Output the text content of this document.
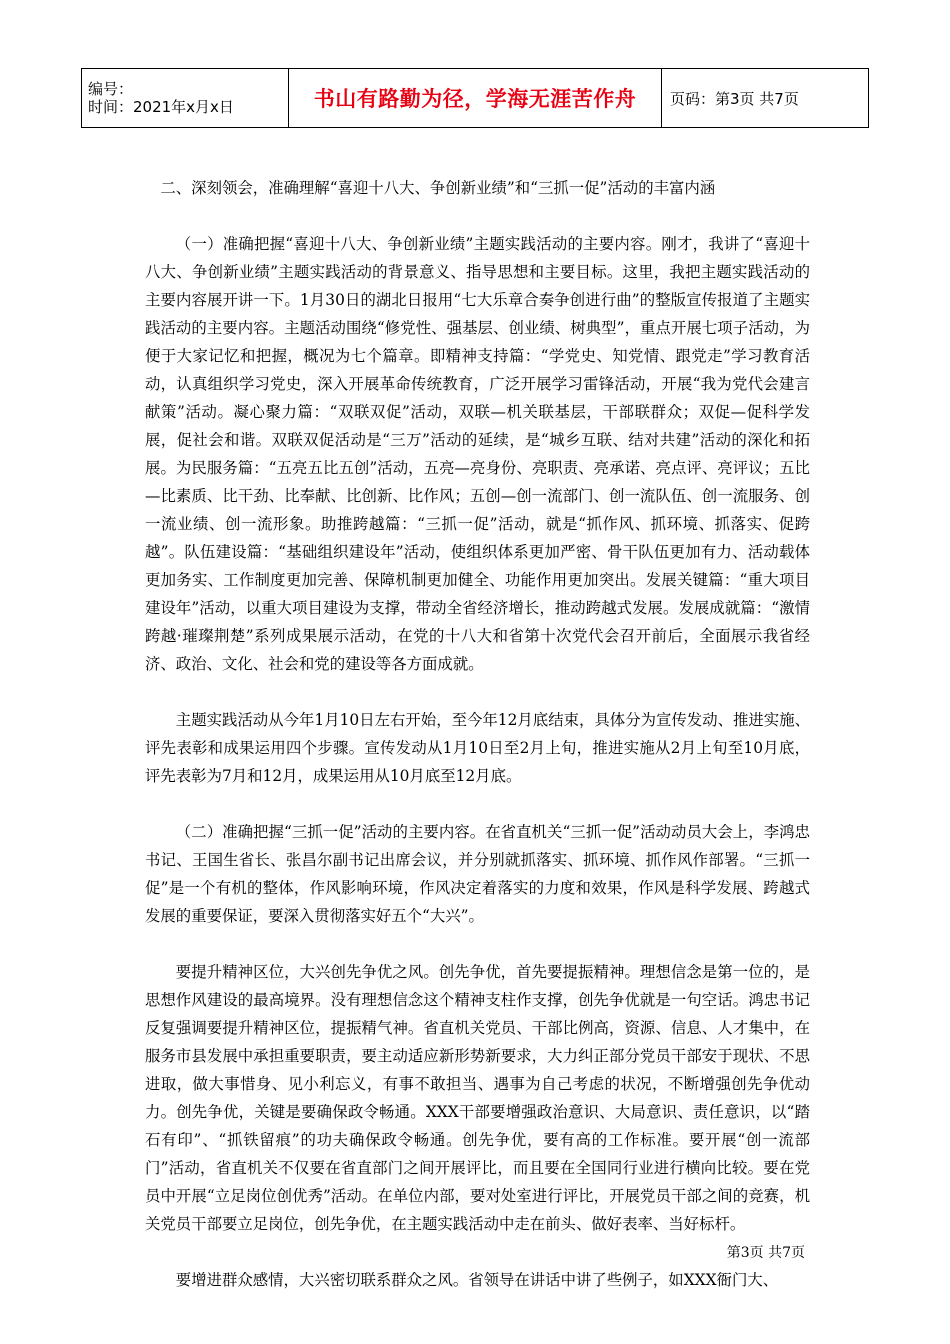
编号：
时间：2021年x月x日	书山有路勤为径，学海无涯苦作舟	页码：第3页 共7页

二、深刻领会，准确理解“喜迎十八大、争创新业绩”和“三抓一促”活动的丰富内涵

（一）准确把握“喜迎十八大、争创新业绩”主题实践活动的主要内容。刚才，我讲了“喜迎十八大、争创新业绩”主题实践活动的背景意义、指导思想和主要目标。这里，我把主题实践活动的主要内容展开讲一下。1月30日的湖北日报用“七大乐章合奏争创进行曲”的整版宣传报道了主题实践活动的主要内容。主题活动围绕“修党性、强基层、创业绩、树典型”，重点开展七项子活动，为便于大家记忆和把握，概况为七个篇章。即精神支持篇：“学党史、知党情、跟党走”学习教育活动，认真组织学习党史，深入开展革命传统教育，广泛开展学习雷锋活动，开展“我为党代会建言献策”活动。凝心聚力篇：“双联双促”活动，双联—机关联基层，干部联群众；双促—促科学发展，促社会和谐。双联双促活动是“三万”活动的延续，是“城乡互联、结对共建”活动的深化和拓展。为民服务篇：“五亮五比五创”活动，五亮—亮身份、亮职责、亮承诺、亮点评、亮评议；五比—比素质、比干劲、比奉献、比创新、比作风；五创—创一流部门、创一流队伍、创一流服务、创一流业绩、创一流形象。助推跨越篇：“三抓一促”活动，就是“抓作风、抓环境、抓落实、促跨越”。队伍建设篇：“基础组织建设年”活动，使组织体系更加严密、骨干队伍更加有力、活动载体更加务实、工作制度更加完善、保障机制更加健全、功能作用更加突出。发展关键篇：“重大项目建设年”活动，以重大项目建设为支撑，带动全省经济增长，推动跨越式发展。发展成就篇：“激情跨越·璀璨荆楚”系列成果展示活动，在党的十八大和省第十次党代会召开前后，全面展示我省经济、政治、文化、社会和党的建设等各方面成就。

主题实践活动从今年1月10日左右开始，至今年12月底结束，具体分为宣传发动、推进实施、评先表彰和成果运用四个步骤。宣传发动从1月10日至2月上旬，推进实施从2月上旬至10月底，评先表彰为7月和12月，成果运用从10月底至12月底。

（二）准确把握“三抓一促”活动的主要内容。在省直机关“三抓一促”活动动员大会上，李鸿忠书记、王国生省长、张昌尔副书记出席会议，并分别就抓落实、抓环境、抓作风作部署。“三抓一促”是一个有机的整体，作风影响环境，作风决定着落实的力度和效果，作风是科学发展、跨越式发展的重要保证，要深入贯彻落实好五个“大兴”。

要提升精神区位，大兴创先争优之风。创先争优，首先要提振精神。理想信念是第一位的，是思想作风建设的最高境界。没有理想信念这个精神支柱作支撑，创先争优就是一句空话。鸿忠书记反复强调要提升精神区位，提振精气神。省直机关党员、干部比例高，资源、信息、人才集中，在服务市县发展中承担重要职责，要主动适应新形势新要求，大力纠正部分党员干部安于现状、不思进取，做大事惜身、见小利忘义，有事不敢担当、遇事为自己考虑的状况，不断增强创先争优动力。创先争优，关键是要确保政令畅通。XXX干部要增强政治意识、大局意识、责任意识，以“踏石有印”、“抓铁留痕”的功夫确保政令畅通。创先争优，要有高的工作标准。要开展“创一流部门”活动，省直机关不仅要在省直部门之间开展评比，而且要在全国同行业进行横向比较。要在党员中开展“立足岗位创优秀”活动。在单位内部，要对处室进行评比，开展党员干部之间的竞赛，机关党员干部要立足岗位，创先争优，在主题实践活动中走在前头、做好表率、当好标杆。

要增进群众感情，大兴密切联系群众之风。省领导在讲话中讲了些例子，如XXX衙门大、

第3页 共7页
